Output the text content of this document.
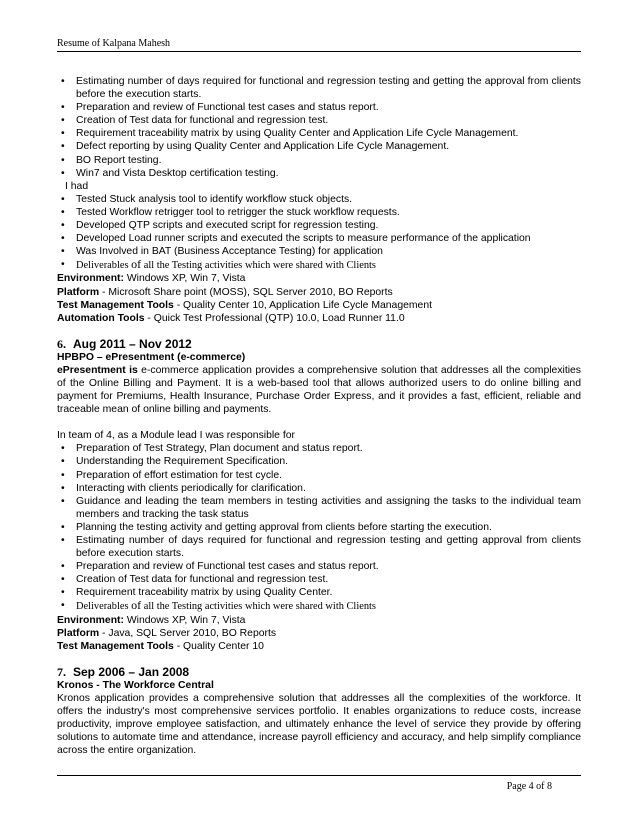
Resume of Kalpana Mahesh
• Estimating number of days required for functional and regression testing and getting the approval from clients before the execution starts.
• Preparation and review of Functional test cases and status report.
• Creation of Test data for functional and regression test.
• Requirement traceability matrix by using Quality Center and Application Life Cycle Management.
• Defect reporting by using Quality Center and Application Life Cycle Management.
• BO Report testing.
• Win7 and Vista Desktop certification testing.
I had
• Tested Stuck analysis tool to identify workflow stuck objects.
• Tested Workflow retrigger tool to retrigger the stuck workflow requests.
• Developed QTP scripts and executed script for regression testing.
• Developed Load runner scripts and executed the scripts to measure performance of the application
• Was Involved in BAT (Business Acceptance Testing) for application
• Deliverables of all the Testing activities which were shared with Clients
Environment: Windows XP, Win 7, Vista
Platform - Microsoft Share point (MOSS), SQL Server 2010, BO Reports
Test Management Tools - Quality Center 10, Application Life Cycle Management
Automation Tools - Quick Test Professional (QTP) 10.0, Load Runner 11.0
6. Aug 2011 – Nov 2012
HPBPO – ePresentment (e-commerce)

ePresentment is e-commerce application provides a comprehensive solution that addresses all the complexities of the Online Billing and Payment. It is a web-based tool that allows authorized users to do online billing and payment for Premiums, Health Insurance, Purchase Order Express, and it provides a fast, efficient, reliable and traceable mean of online billing and payments.

In team of 4, as a Module lead I was responsible for
• Preparation of Test Strategy, Plan document and status report.
• Understanding the Requirement Specification.
• Preparation of effort estimation for test cycle.
• Interacting with clients periodically for clarification.
• Guidance and leading the team members in testing activities and assigning the tasks to the individual team members and tracking the task status
• Planning the testing activity and getting approval from clients before starting the execution.
• Estimating number of days required for functional and regression testing and getting approval from clients before execution starts.
• Preparation and review of Functional test cases and status report.
• Creation of Test data for functional and regression test.
• Requirement traceability matrix by using Quality Center.
• Deliverables of all the Testing activities which were shared with Clients
Environment: Windows XP, Win 7, Vista
Platform - Java, SQL Server 2010, BO Reports
Test Management Tools - Quality Center 10
7. Sep 2006 – Jan 2008
Kronos - The Workforce Central

Kronos application provides a comprehensive solution that addresses all the complexities of the workforce. It offers the industry's most comprehensive services portfolio. It enables organizations to reduce costs, increase productivity, improve employee satisfaction, and ultimately enhance the level of service they provide by offering solutions to automate time and attendance, increase payroll efficiency and accuracy, and help simplify compliance across the entire organization.

Page 4 of 8
